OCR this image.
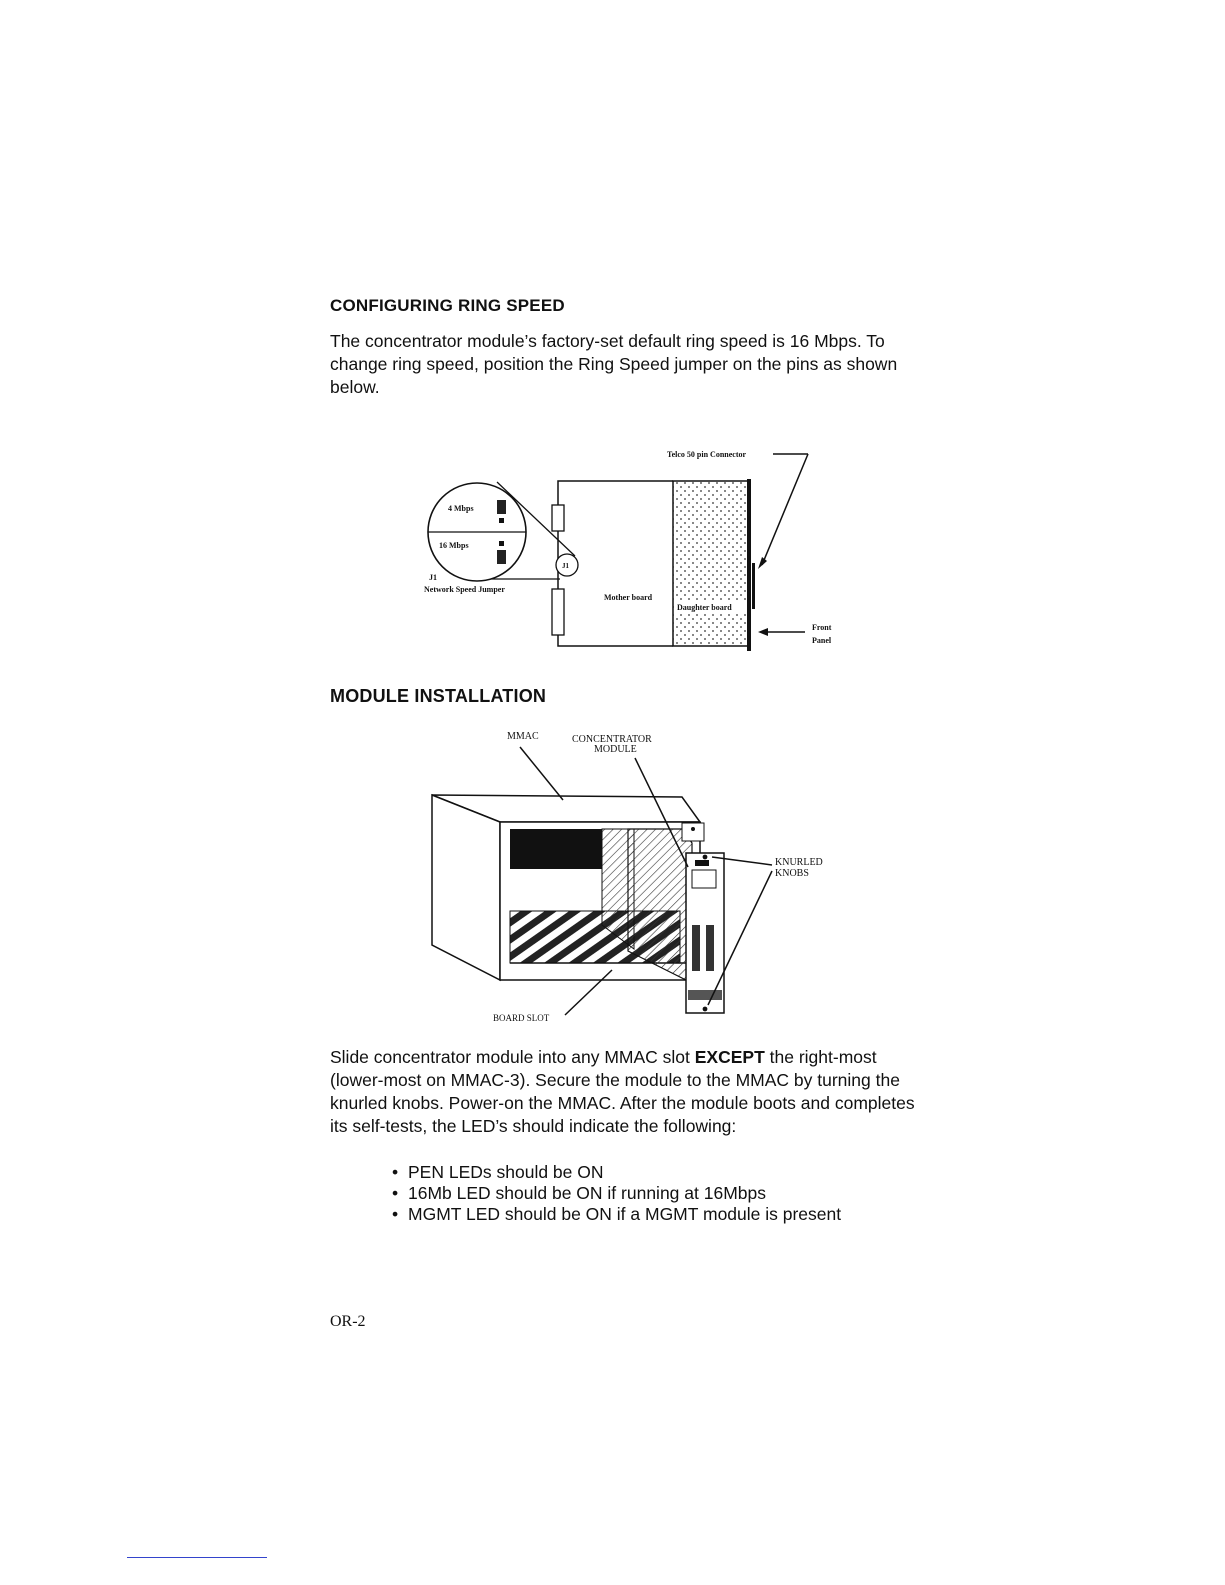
CONFIGURING RING SPEED

The concentrator module’s factory-set default ring speed is 16 Mbps. To change ring speed, position the Ring Speed jumper on the pins as shown below.

Telco 50 pin Connector
Mother board
Daughter board
Front
Panel
J1
4 Mbps
16 Mbps
J1
Network Speed Jumper
MODULE INSTALLATION
MMAC	CONCENTRATOR
MODULE
KNURLED
KNOBS
BOARD SLOT

Slide concentrator module into any MMAC slot EXCEPT the right-most (lower-most on MMAC-3). Secure the module to the MMAC by turning the knurled knobs. Power-on the MMAC. After the module boots and completes its self-tests, the LED’s should indicate the following:

• PEN LEDs should be ON
• 16Mb LED should be ON if running at 16Mbps
• MGMT LED should be ON if a MGMT module is present
OR-2
